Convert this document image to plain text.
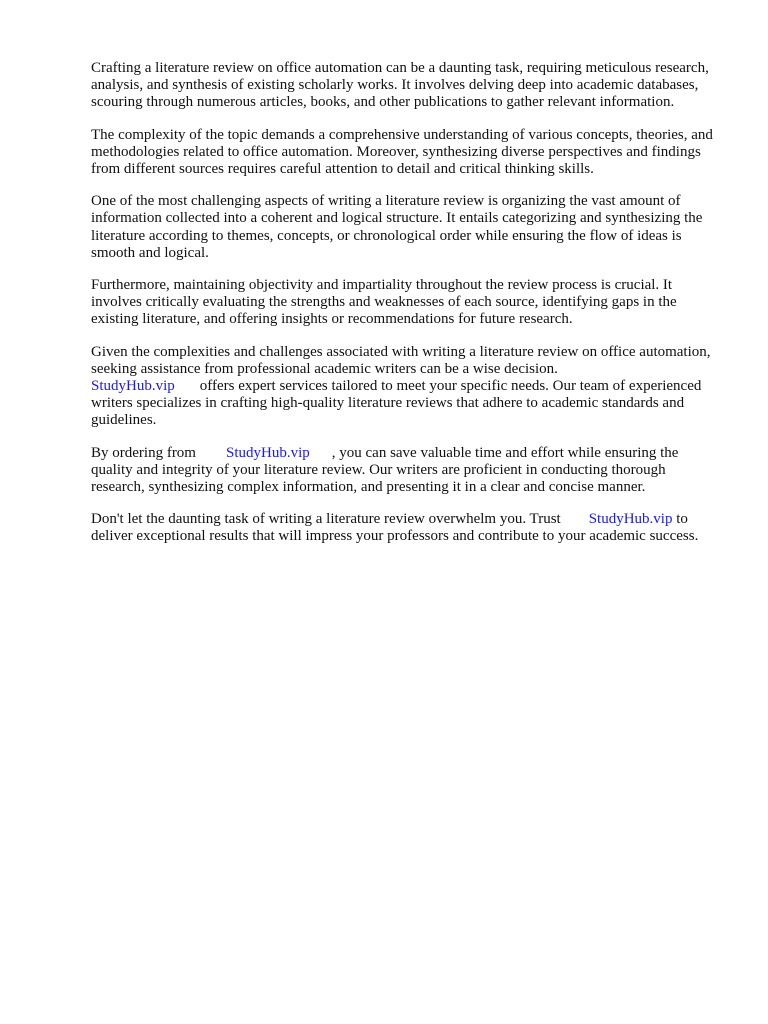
Crafting a literature review on office automation can be a daunting task, requiring meticulous research, analysis, and synthesis of existing scholarly works. It involves delving deep into academic databases, scouring through numerous articles, books, and other publications to gather relevant information.

The complexity of the topic demands a comprehensive understanding of various concepts, theories, and methodologies related to office automation. Moreover, synthesizing diverse perspectives and findings from different sources requires careful attention to detail and critical thinking skills.

One of the most challenging aspects of writing a literature review is organizing the vast amount of information collected into a coherent and logical structure. It entails categorizing and synthesizing the literature according to themes, concepts, or chronological order while ensuring the flow of ideas is smooth and logical.

Furthermore, maintaining objectivity and impartiality throughout the review process is crucial. It involves critically evaluating the strengths and weaknesses of each source, identifying gaps in the existing literature, and offering insights or recommendations for future research.

Given the complexities and challenges associated with writing a literature review on office automation, seeking assistance from professional academic writers can be a wise decision.
StudyHub.vip offers expert services tailored to meet your specific needs. Our team of experienced writers specializes in crafting high-quality literature reviews that adhere to academic standards and guidelines.

By ordering from StudyHub.vip , you can save valuable time and effort while ensuring the quality and integrity of your literature review. Our writers are proficient in conducting thorough research, synthesizing complex information, and presenting it in a clear and concise manner.

Don't let the daunting task of writing a literature review overwhelm you. Trust StudyHub.vip to deliver exceptional results that will impress your professors and contribute to your academic success.
